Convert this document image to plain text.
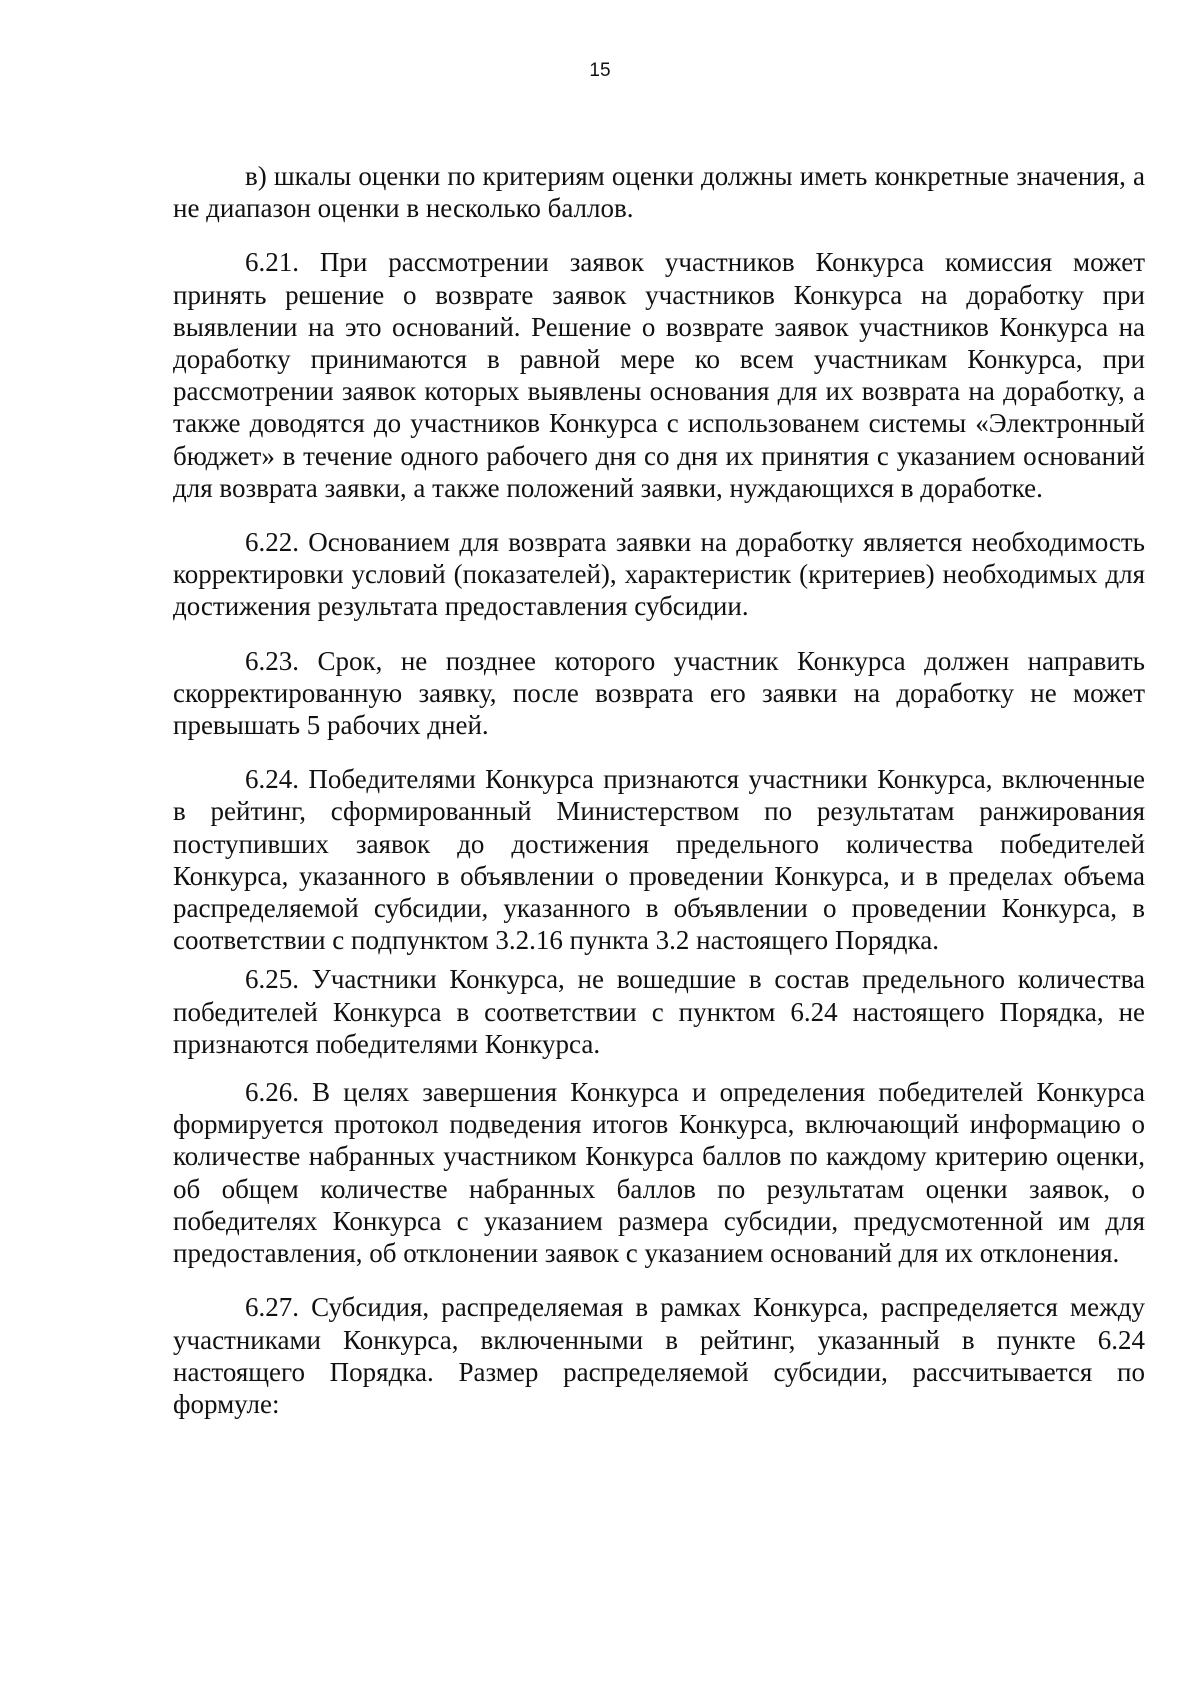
15

в) шкалы оценки по критериям оценки должны иметь конкретные значения, а не диапазон оценки в несколько баллов.

6.21. При рассмотрении заявок участников Конкурса комиссия может принять решение о возврате заявок участников Конкурса на доработку при выявлении на это оснований. Решение о возврате заявок участников Конкурса на доработку принимаются в равной мере ко всем участникам Конкурса, при рассмотрении заявок которых выявлены основания для их возврата на доработку, а также доводятся до участников Конкурса с использованем системы «Электронный бюджет» в течение одного рабочего дня со дня их принятия с указанием оснований для возврата заявки, а также положений заявки, нуждающихся в доработке.

6.22. Основанием для возврата заявки на доработку является необходимость корректировки условий (показателей), характеристик (критериев) необходимых для достижения результата предоставления субсидии.

6.23. Срок, не позднее которого участник Конкурса должен направить скорректированную заявку, после возврата его заявки на доработку не может превышать 5 рабочих дней.

6.24. Победителями Конкурса признаются участники Конкурса, включенные в рейтинг, сформированный Министерством по результатам ранжирования поступивших заявок до достижения предельного количества победителей Конкурса, указанного в объявлении о проведении Конкурса, и в пределах объема распределяемой субсидии, указанного в объявлении о проведении Конкурса, в соответствии с подпунктом 3.2.16 пункта 3.2 настоящего Порядка.

6.25. Участники Конкурса, не вошедшие в состав предельного количества победителей Конкурса в соответствии с пунктом 6.24 настоящего Порядка, не признаются победителями Конкурса.

6.26. В целях завершения Конкурса и определения победителей Конкурса формируется протокол подведения итогов Конкурса, включающий информацию о количестве набранных участником Конкурса баллов по каждому критерию оценки, об общем количестве набранных баллов по результатам оценки заявок, о победителях Конкурса с указанием размера субсидии, предусмотенной им для предоставления, об отклонении заявок с указанием оснований для их отклонения.

6.27. Субсидия, распределяемая в рамках Конкурса, распределяется между участниками Конкурса, включенными в рейтинг, указанный в пункте 6.24 настоящего Порядка. Размер распределяемой субсидии, рассчитывается по формуле:
